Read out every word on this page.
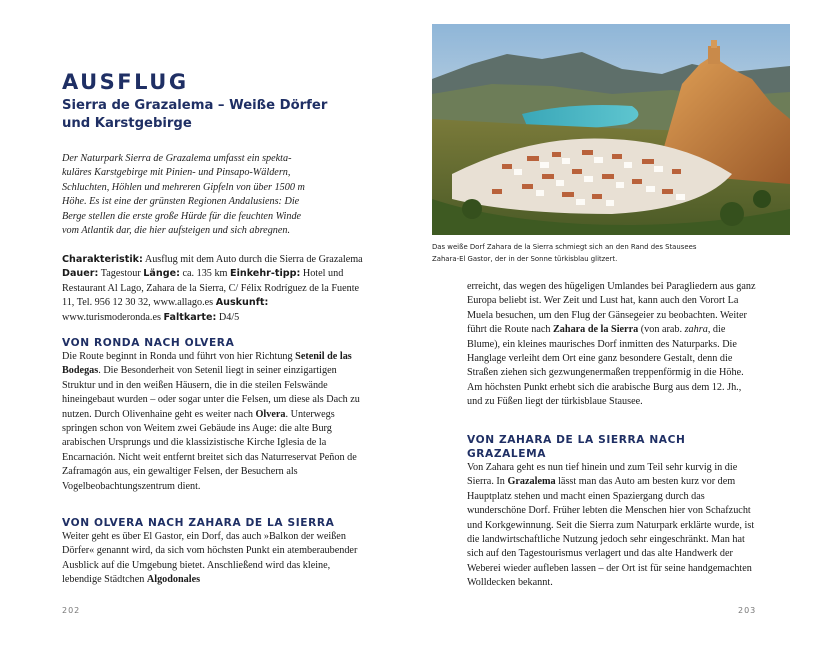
AUSFLUG
Sierra de Grazalema – Weiße Dörfer
und Karstgebirge
Der Naturpark Sierra de Grazalema umfasst ein spekta-
kuläres Karstgebirge mit Pinien- und Pinsapo-Wäldern,
Schluchten, Höhlen und mehreren Gipfeln von über 1500 m
Höhe. Es ist eine der grünsten Regionen Andalusiens: Die
Berge stellen die erste große Hürde für die feuchten Winde
vom Atlantik dar, die hier aufsteigen und sich abregnen.
Charakteristik: Ausflug mit dem Auto durch die Sierra de Grazalema Dauer: Tagestour Länge: ca. 135 km Einkehr-tipp: Hotel und Restaurant Al Lago, Zahara de la Sierra, C/ Félix Rodríguez de la Fuente 11, Tel. 956 12 30 32, www.allago.es Auskunft: www.turismoderonda.es Faltkarte: D4/5
VON RONDA NACH OLVERA
Die Route beginnt in Ronda und führt von hier Richtung Setenil de las Bodegas. Die Besonderheit von Setenil liegt in seiner einzigartigen Struktur und in den weißen Häusern, die in die steilen Felswände hineingebaut wurden – oder sogar unter die Felsen, um diese als Dach zu nutzen. Durch Olivenhaine geht es weiter nach Olvera. Unterwegs springen schon von Weitem zwei Gebäude ins Auge: die alte Burg arabischen Ursprungs und die klassizistische Kirche Iglesia de la Encarnación. Nicht weit entfernt breitet sich das Naturreservat Peñon de Zaframagón aus, ein gewaltiger Felsen, der Besuchern als Vogelbeobachtungszentrum dient.
VON OLVERA NACH ZAHARA DE LA SIERRA
Weiter geht es über El Gastor, ein Dorf, das auch »Balkon der weißen Dörfer« genannt wird, da sich vom höchsten Punkt ein atemberaubender Ausblick auf die Umgebung bietet. Anschließend wird das kleine, lebendige Städtchen Algodonales
202
Das weiße Dorf Zahara de la Sierra schmiegt sich an den Rand des Stausees
Zahara-El Gastor, der in der Sonne türkisblau glitzert.
erreicht, das wegen des hügeligen Umlandes bei Paragliedern aus ganz Europa beliebt ist. Wer Zeit und Lust hat, kann auch den Vorort La Muela besuchen, um den Flug der Gänsegeier zu beobachten. Weiter führt die Route nach Zahara de la Sierra (von arab. zahra, die Blume), ein kleines maurisches Dorf inmitten des Naturparks. Die Hanglage verleiht dem Ort eine ganz besondere Gestalt, denn die Straßen ziehen sich gezwungenermaßen treppenförmig in die Höhe. Am höchsten Punkt erhebt sich die arabische Burg aus dem 12. Jh., und zu Füßen liegt der türkisblaue Stausee.
VON ZAHARA DE LA SIERRA NACH
GRAZALEMA
Von Zahara geht es nun tief hinein und zum Teil sehr kurvig in die Sierra. In Grazalema lässt man das Auto am besten kurz vor dem Hauptplatz stehen und macht einen Spaziergang durch das wunderschöne Dorf. Früher lebten die Menschen hier von Schafzucht und Korkgewinnung. Seit die Sierra zum Naturpark erklärte wurde, ist die landwirtschaftliche Nutzung jedoch sehr eingeschränkt. Man hat sich auf den Tagestourismus verlagert und das alte Handwerk der Weberei wieder aufleben lassen – der Ort ist für seine handgemachten Wolldecken bekannt.
203
